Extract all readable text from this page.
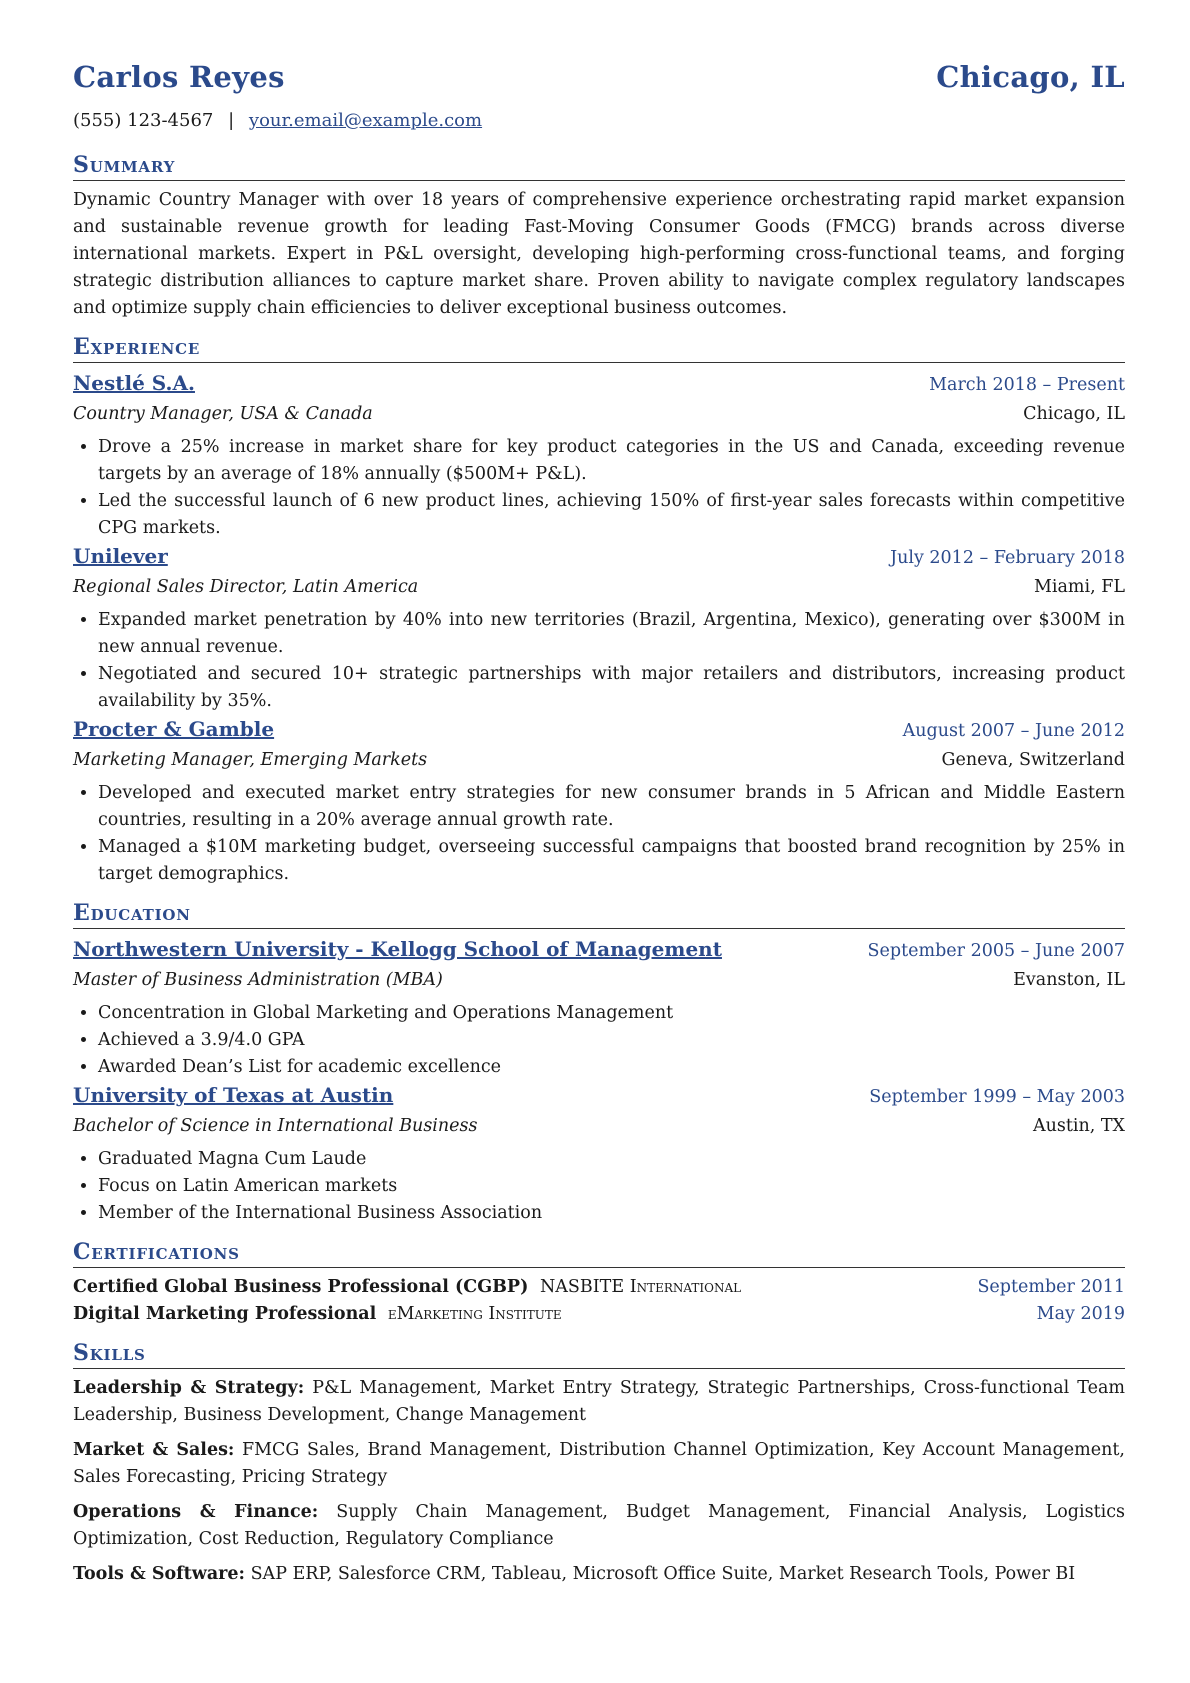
Carlos Reyes	Chicago, IL
(555) 123-4567 | your.email@example.com
Summary
Dynamic Country Manager with over 18 years of comprehensive experience orchestrating rapid market expansion and sustainable revenue growth for leading Fast-Moving Consumer Goods (FMCG) brands across diverse international markets. Expert in P&L oversight, developing high-performing cross-functional teams, and forging strategic distribution alliances to capture market share. Proven ability to navigate complex regulatory landscapes and optimize supply chain efficiencies to deliver exceptional business outcomes.
Experience
Nestlé S.A.	March 2018 – Present
Country Manager, USA & Canada	Chicago, IL
• Drove a 25% increase in market share for key product categories in the US and Canada, exceeding revenue targets by an average of 18% annually ($500M+ P&L).
• Led the successful launch of 6 new product lines, achieving 150% of first-year sales forecasts within competitive CPG markets.
Unilever	July 2012 – February 2018
Regional Sales Director, Latin America	Miami, FL
• Expanded market penetration by 40% into new territories (Brazil, Argentina, Mexico), generating over $300M in new annual revenue.
• Negotiated and secured 10+ strategic partnerships with major retailers and distributors, increasing product availability by 35%.
Procter & Gamble	August 2007 – June 2012
Marketing Manager, Emerging Markets	Geneva, Switzerland
• Developed and executed market entry strategies for new consumer brands in 5 African and Middle Eastern countries, resulting in a 20% average annual growth rate.
• Managed a $10M marketing budget, overseeing successful campaigns that boosted brand recognition by 25% in target demographics.
Education
Northwestern University - Kellogg School of Management	September 2005 – June 2007
Master of Business Administration (MBA)	Evanston, IL
• Concentration in Global Marketing and Operations Management
• Achieved a 3.9/4.0 GPA
• Awarded Dean’s List for academic excellence
University of Texas at Austin	September 1999 – May 2003
Bachelor of Science in International Business	Austin, TX
• Graduated Magna Cum Laude
• Focus on Latin American markets
• Member of the International Business Association
Certifications
Certified Global Business Professional (CGBP) NASBITE International	September 2011
Digital Marketing Professional eMarketing Institute	May 2019
Skills
Leadership & Strategy: P&L Management, Market Entry Strategy, Strategic Partnerships, Cross-functional Team Leadership, Business Development, Change Management
Market & Sales: FMCG Sales, Brand Management, Distribution Channel Optimization, Key Account Management, Sales Forecasting, Pricing Strategy
Operations & Finance: Supply Chain Management, Budget Management, Financial Analysis, Logistics Optimization, Cost Reduction, Regulatory Compliance
Tools & Software: SAP ERP, Salesforce CRM, Tableau, Microsoft Office Suite, Market Research Tools, Power BI
